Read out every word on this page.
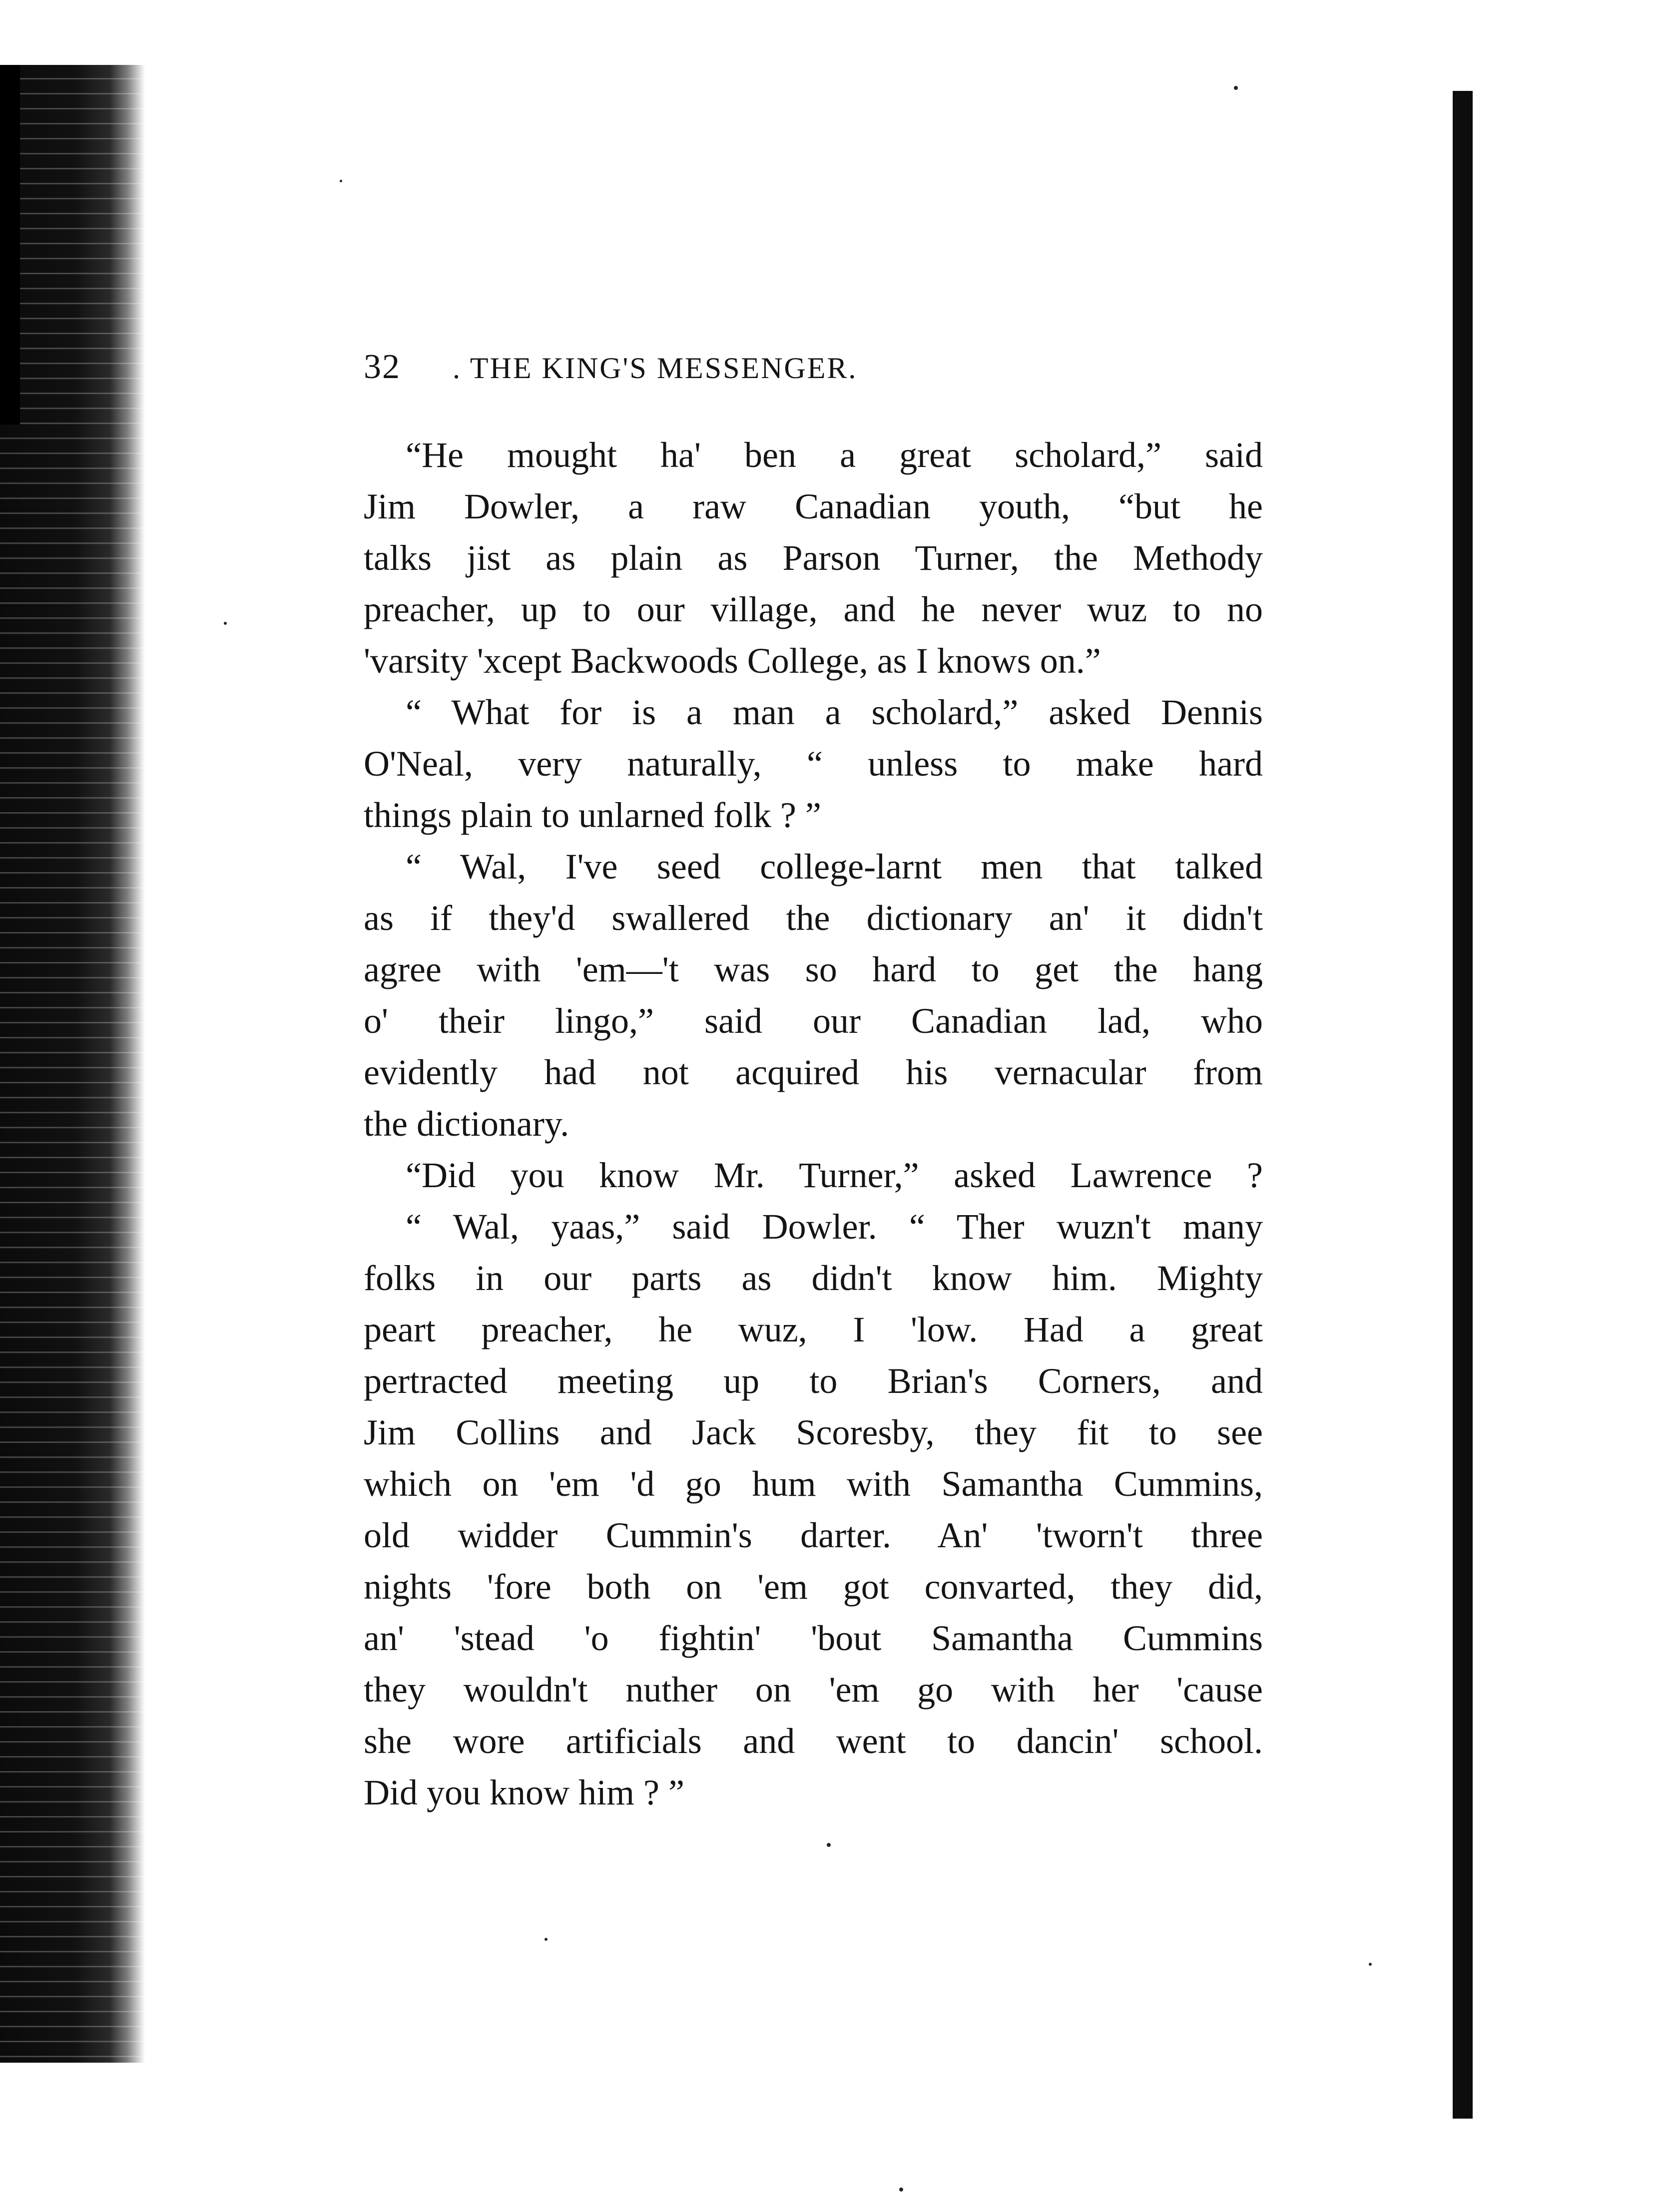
32 . THE KING'S MESSENGER.
“He mought ha' ben a great scholard,” said
Jim Dowler, a raw Canadian youth, “but he
talks jist as plain as Parson Turner, the Methody
preacher, up to our village, and he never wuz to no
'varsity 'xcept Backwoods College, as I knows on.”
“ What for is a man a scholard,” asked Dennis
O'Neal, very naturally, “ unless to make hard
things plain to unlarned folk ? ”
“ Wal, I've seed college-larnt men that talked
as if they'd swallered the dictionary an' it didn't
agree with 'em—'t was so hard to get the hang
o' their lingo,” said our Canadian lad, who
evidently had not acquired his vernacular from
the dictionary.
“Did you know Mr. Turner,” asked Lawrence ?
“ Wal, yaas,” said Dowler. “ Ther wuzn't many
folks in our parts as didn't know him. Mighty
peart preacher, he wuz, I 'low. Had a great
pertracted meeting up to Brian's Corners, and
Jim Collins and Jack Scoresby, they fit to see
which on 'em 'd go hum with Samantha Cummins,
old widder Cummin's darter. An' 'tworn't three
nights 'fore both on 'em got convarted, they did,
an' 'stead 'o fightin' 'bout Samantha Cummins
they wouldn't nuther on 'em go with her 'cause
she wore artificials and went to dancin' school.
Did you know him ? ”
